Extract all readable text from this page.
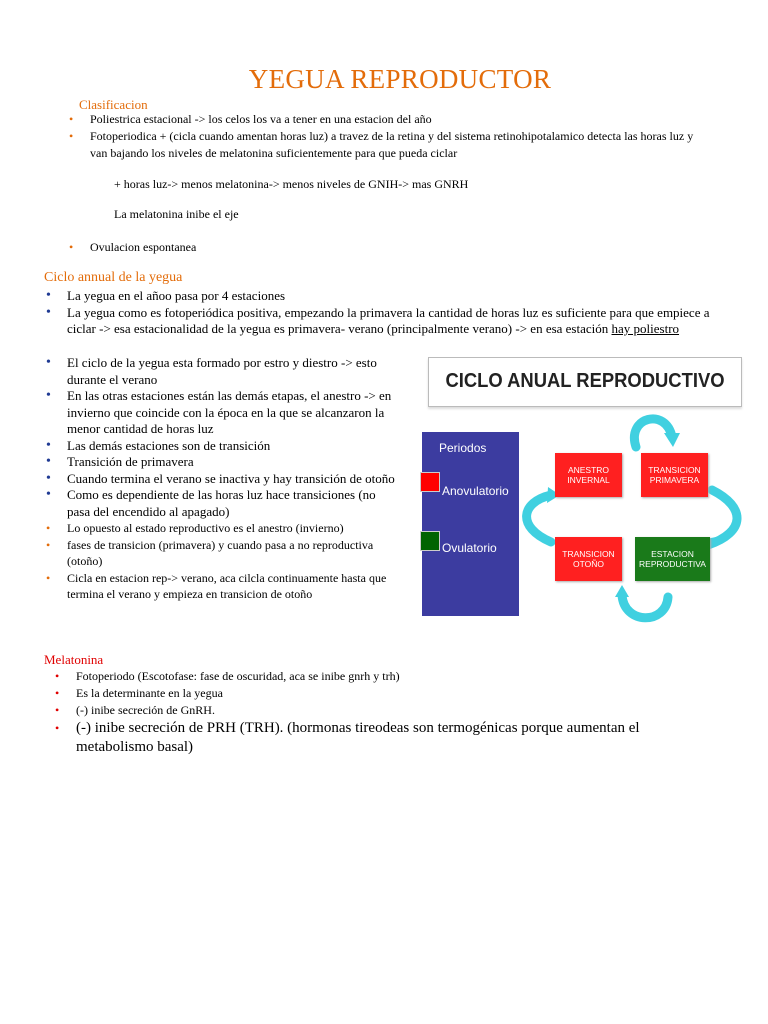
YEGUA REPRODUCTOR
Clasificacion
• Poliestrica estacional -> los celos los va a tener en una estacion del año
• Fotoperiodica + (cicla cuando amentan horas luz) a travez de la retina y del sistema retinohipotalamico detecta las horas luz y van bajando los niveles de melatonina suficientemente para que pueda ciclar
+ horas luz-> menos melatonina-> menos niveles de GNIH-> mas GNRH
La melatonina inibe el eje
• Ovulacion espontanea
Ciclo annual de la yegua
• La yegua en el añoo pasa por 4 estaciones
• La yegua como es fotoperiódica positiva, empezando la primavera la cantidad de horas luz es suficiente para que empiece a ciclar -> esa estacionalidad de la yegua es primavera- verano (principalmente verano) -> en esa estación hay poliestro
• El ciclo de la yegua esta formado por estro y diestro -> esto durante el verano
• En las otras estaciones están las demás etapas, el anestro -> en invierno que coincide con la época en la que se alcanzaron la menor cantidad de horas luz
• Las demás estaciones son de transición
• Transición de primavera
• Cuando termina el verano se inactiva y hay transición de otoño
• Como es dependiente de las horas luz hace transiciones (no pasa del encendido al apagado)
• Lo opuesto al estado reproductivo es el anestro (invierno)
• fases de transicion (primavera) y cuando pasa a no reproductiva (otoño)
• Cicla en estacion rep-> verano, aca cilcla continuamente hasta que termina el verano y empieza en transicion de otoño
CICLO ANUAL REPRODUCTIVO
Periodos
Anovulatorio
Ovulatorio
ANESTRO INVERNAL
TRANSICION PRIMAVERA
TRANSICION OTOÑO
ESTACION REPRODUCTIVA
Melatonina
• Fotoperiodo (Escotofase: fase de oscuridad, aca se inibe gnrh y trh)
• Es la determinante en la yegua
• (-) inibe secreción de GnRH.
• (-) inibe secreción de PRH (TRH). (hormonas tireodeas son termogénicas porque aumentan el metabolismo basal)
